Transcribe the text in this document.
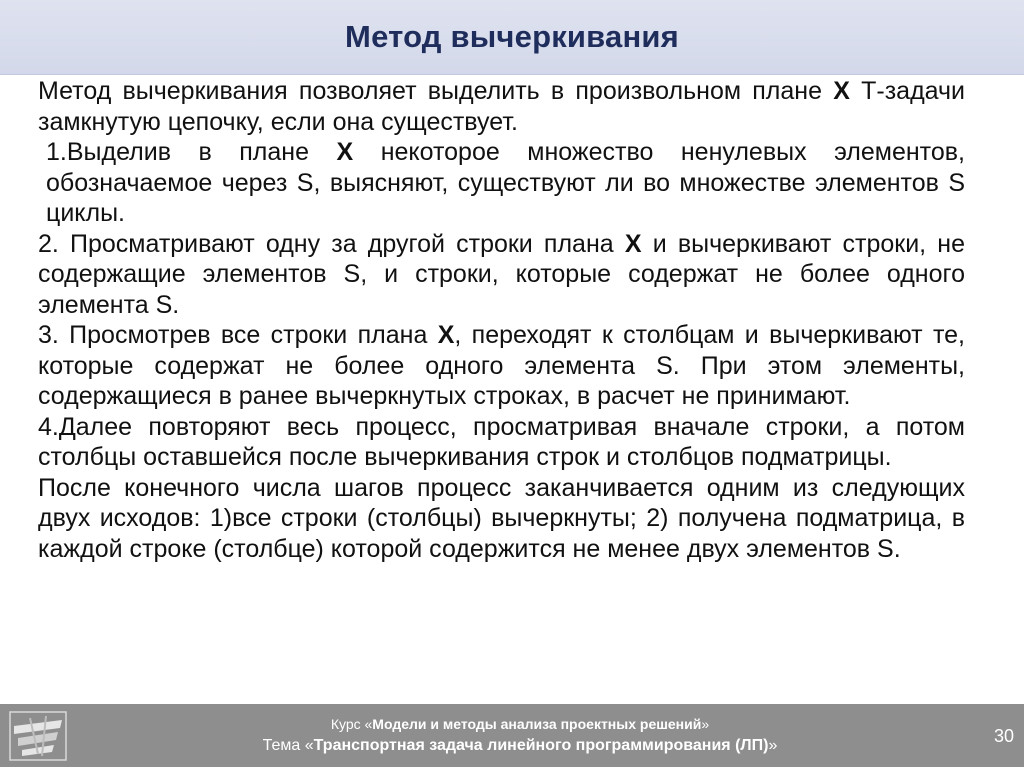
Метод вычеркивания

Метод вычеркивания позволяет выделить в произвольном плане X Т-задачи замкнутую цепочку, если она существует.

1.Выделив в плане X некоторое множество ненулевых элементов, обозначаемое через S, выясняют, существуют ли во множестве элементов S циклы.

2. Просматривают одну за другой строки плана X и вычеркивают строки, не содержащие элементов S, и строки, которые содержат не более одного элемента S.

3. Просмотрев все строки плана X, переходят к столбцам и вычеркивают те, которые содержат не более одного элемента S. При этом элементы, содержащиеся в ранее вычеркнутых строках, в расчет не принимают.

4.Далее повторяют весь процесс, просматривая вначале строки, а потом столбцы оставшейся после вычеркивания строк и столбцов подматрицы.

После конечного числа шагов процесс заканчивается одним из следующих двух исходов: 1)все строки (столбцы) вычеркнуты; 2) получена подматрица, в каждой строке (столбце) которой содержится не менее двух элементов S.

Курс «Модели и методы анализа проектных решений»
Тема «Транспортная задача линейного программирования (ЛП)»	30
